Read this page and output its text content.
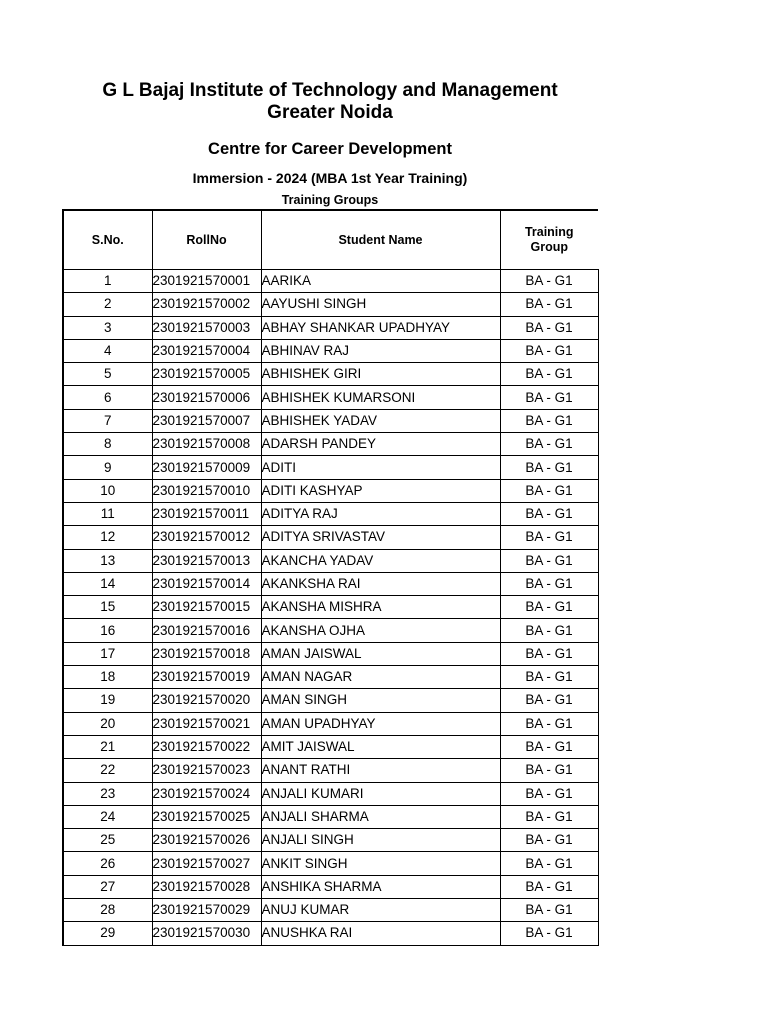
G L Bajaj Institute of Technology and Management
Greater Noida
Centre for Career Development
Immersion - 2024 (MBA 1st Year Training)
Training Groups
S.No.	RollNo	Student Name	Training Group
1	2301921570001	AARIKA	BA - G1
2	2301921570002	AAYUSHI SINGH	BA - G1
3	2301921570003	ABHAY SHANKAR UPADHYAY	BA - G1
4	2301921570004	ABHINAV RAJ	BA - G1
5	2301921570005	ABHISHEK GIRI	BA - G1
6	2301921570006	ABHISHEK KUMARSONI	BA - G1
7	2301921570007	ABHISHEK YADAV	BA - G1
8	2301921570008	ADARSH PANDEY	BA - G1
9	2301921570009	ADITI	BA - G1
10	2301921570010	ADITI KASHYAP	BA - G1
11	2301921570011	ADITYA RAJ	BA - G1
12	2301921570012	ADITYA SRIVASTAV	BA - G1
13	2301921570013	AKANCHA YADAV	BA - G1
14	2301921570014	AKANKSHA RAI	BA - G1
15	2301921570015	AKANSHA MISHRA	BA - G1
16	2301921570016	AKANSHA OJHA	BA - G1
17	2301921570018	AMAN JAISWAL	BA - G1
18	2301921570019	AMAN NAGAR	BA - G1
19	2301921570020	AMAN SINGH	BA - G1
20	2301921570021	AMAN UPADHYAY	BA - G1
21	2301921570022	AMIT JAISWAL	BA - G1
22	2301921570023	ANANT RATHI	BA - G1
23	2301921570024	ANJALI KUMARI	BA - G1
24	2301921570025	ANJALI SHARMA	BA - G1
25	2301921570026	ANJALI SINGH	BA - G1
26	2301921570027	ANKIT SINGH	BA - G1
27	2301921570028	ANSHIKA SHARMA	BA - G1
28	2301921570029	ANUJ KUMAR	BA - G1
29	2301921570030	ANUSHKA RAI	BA - G1
